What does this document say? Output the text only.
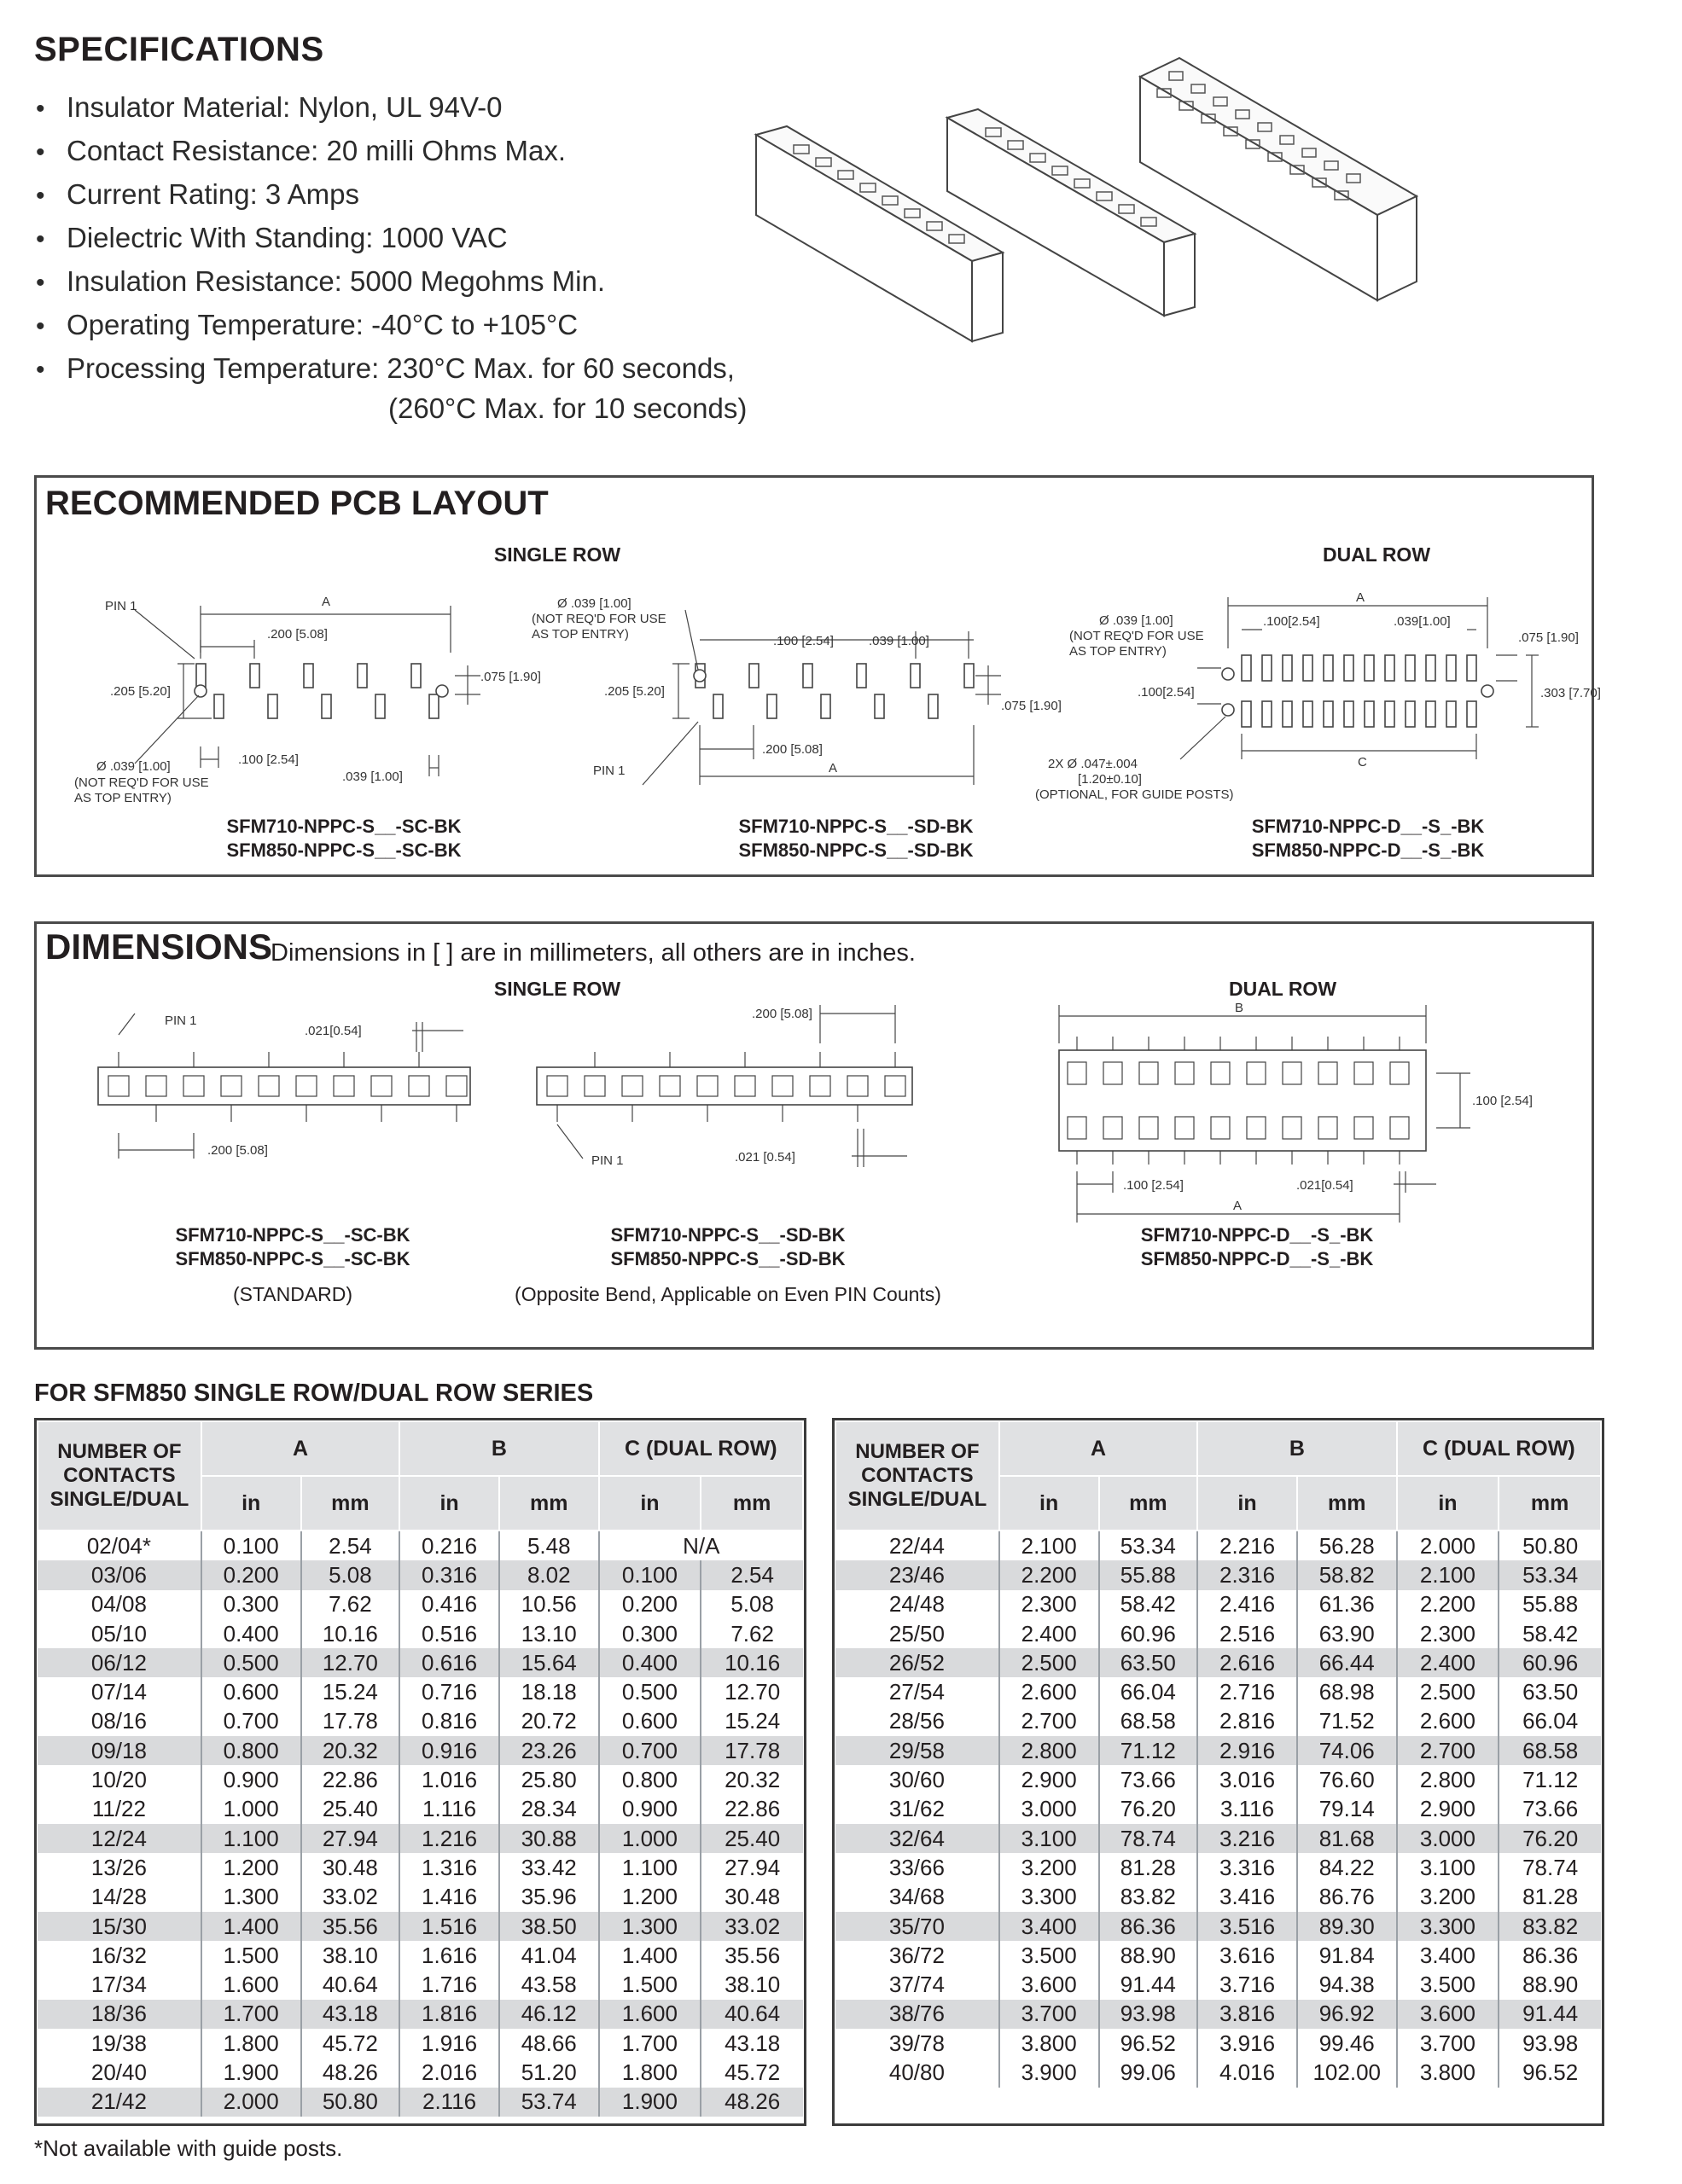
SPECIFICATIONS
• Insulator Material: Nylon, UL 94V-0
• Contact Resistance: 20 milli Ohms Max.
• Current Rating: 3 Amps
• Dielectric With Standing: 1000 VAC
• Insulation Resistance: 5000 Megohms Min.
• Operating Temperature: -40°C to +105°C
• Processing Temperature: 230°C Max. for 60 seconds,
(260°C Max. for 10 seconds)
RECOMMENDED PCB LAYOUT
SINGLE ROW	DUAL ROW
PIN 1	A
.200 [5.08]
.205 [5.20]
.075 [1.90]
.100 [2.54]
.039 [1.00]
Ø .039 [1.00]
(NOT REQ'D FOR USE
AS TOP ENTRY)
Ø .039 [1.00]
(NOT REQ'D FOR USE
AS TOP ENTRY)	.100 [2.54]	.039 [1.00]
.205 [5.20]
.075 [1.90]
.200 [5.08]
A
PIN 1
A
Ø .039 [1.00]
(NOT REQ'D FOR USE
AS TOP ENTRY)
.100[2.54]	.039[1.00]
.075 [1.90]
.100[2.54]	.303 [7.70]
C
2X Ø .047±.004
[1.20±0.10]
(OPTIONAL, FOR GUIDE POSTS)
SFM710-NPPC-S__-SC-BK
SFM850-NPPC-S__-SC-BK
SFM710-NPPC-S__-SD-BK
SFM850-NPPC-S__-SD-BK
SFM710-NPPC-D__-S_-BK
SFM850-NPPC-D__-S_-BK
DIMENSIONS
Dimensions in [ ] are in millimeters, all others are in inches.
SINGLE ROW	DUAL ROW
PIN 1
.021[0.54]
.200 [5.08]
.200 [5.08]
PIN 1	.021 [0.54]
B
.100 [2.54]
.100 [2.54]	.021[0.54]
A
SFM710-NPPC-S__-SC-BK
SFM850-NPPC-S__-SC-BK
(STANDARD)
SFM710-NPPC-S__-SD-BK
SFM850-NPPC-S__-SD-BK
(Opposite Bend, Applicable on Even PIN Counts)
SFM710-NPPC-D__-S_-BK
SFM850-NPPC-D__-S_-BK
FOR SFM850 SINGLE ROW/DUAL ROW SERIES
NUMBER OF CONTACTS SINGLE/DUAL	A		B		C (DUAL ROW)	
	in	mm	in	mm	in	mm
02/04*	0.100	2.54	0.216	5.48	N/A	
03/06	0.200	5.08	0.316	8.02	0.100	2.54
04/08	0.300	7.62	0.416	10.56	0.200	5.08
05/10	0.400	10.16	0.516	13.10	0.300	7.62
06/12	0.500	12.70	0.616	15.64	0.400	10.16
07/14	0.600	15.24	0.716	18.18	0.500	12.70
08/16	0.700	17.78	0.816	20.72	0.600	15.24
09/18	0.800	20.32	0.916	23.26	0.700	17.78
10/20	0.900	22.86	1.016	25.80	0.800	20.32
11/22	1.000	25.40	1.116	28.34	0.900	22.86
12/24	1.100	27.94	1.216	30.88	1.000	25.40
13/26	1.200	30.48	1.316	33.42	1.100	27.94
14/28	1.300	33.02	1.416	35.96	1.200	30.48
15/30	1.400	35.56	1.516	38.50	1.300	33.02
16/32	1.500	38.10	1.616	41.04	1.400	35.56
17/34	1.600	40.64	1.716	43.58	1.500	38.10
18/36	1.700	43.18	1.816	46.12	1.600	40.64
19/38	1.800	45.72	1.916	48.66	1.700	43.18
20/40	1.900	48.26	2.016	51.20	1.800	45.72
21/42	2.000	50.80	2.116	53.74	1.900	48.26
NUMBER OF CONTACTS SINGLE/DUAL	A		B		C (DUAL ROW)	
	in	mm	in	mm	in	mm
22/44	2.100	53.34	2.216	56.28	2.000	50.80
23/46	2.200	55.88	2.316	58.82	2.100	53.34
24/48	2.300	58.42	2.416	61.36	2.200	55.88
25/50	2.400	60.96	2.516	63.90	2.300	58.42
26/52	2.500	63.50	2.616	66.44	2.400	60.96
27/54	2.600	66.04	2.716	68.98	2.500	63.50
28/56	2.700	68.58	2.816	71.52	2.600	66.04
29/58	2.800	71.12	2.916	74.06	2.700	68.58
30/60	2.900	73.66	3.016	76.60	2.800	71.12
31/62	3.000	76.20	3.116	79.14	2.900	73.66
32/64	3.100	78.74	3.216	81.68	3.000	76.20
33/66	3.200	81.28	3.316	84.22	3.100	78.74
34/68	3.300	83.82	3.416	86.76	3.200	81.28
35/70	3.400	86.36	3.516	89.30	3.300	83.82
36/72	3.500	88.90	3.616	91.84	3.400	86.36
37/74	3.600	91.44	3.716	94.38	3.500	88.90
38/76	3.700	93.98	3.816	96.92	3.600	91.44
39/78	3.800	96.52	3.916	99.46	3.700	93.98
40/80	3.900	99.06	4.016	102.00	3.800	96.52
*Not available with guide posts.
